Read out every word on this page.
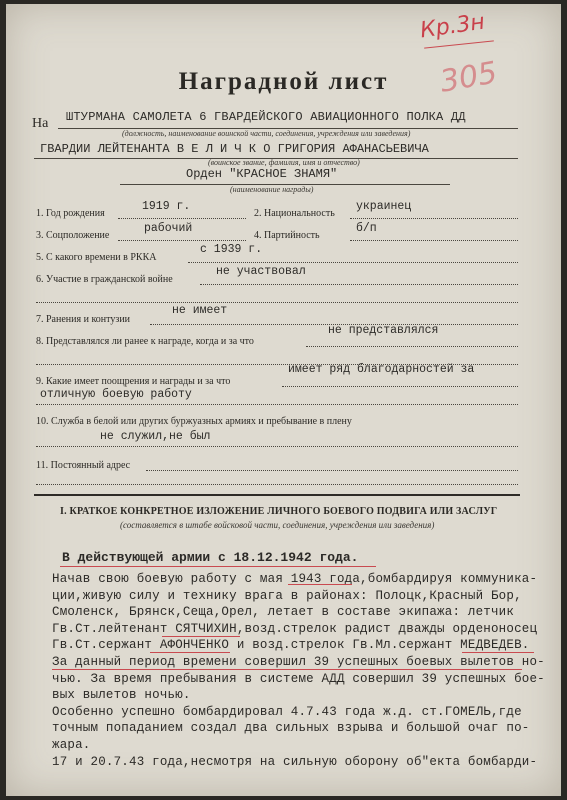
Кр.3н
305
Наградной лист
На ШТУРМАНА САМОЛЕТА 6 ГВАРДЕЙСКОГО АВИАЦИОННОГО ПОЛКА ДД
(должность, наименование воинской части, соединения, учреждения или заведения)
ГВАРДИИ ЛЕЙТЕНАНТА В Е Л И Ч К О ГРИГОРИЯ АФАНАСЬЕВИЧА
(воинское звание, фамилия, имя и отчество)
Орден "КРАСНОЕ ЗНАМЯ"
(наименование награды)
1. Год рождения
1919 г.
2. Национальность
украинец
3. Соцположение
рабочий
4. Партийность
б/п
5. С какого времени в РККА
с 1939 г.
6. Участие в гражданской войне
не участвовал
7. Ранения и контузии
не имеет
8. Представлялся ли ранее к награде, когда и за что
не представлялся
9. Какие имеет поощрения и награды и за что
имеет ряд благодарностей за
отличную боевую работу
10. Служба в белой или других буржуазных армиях и пребывание в плену
не служил,не был
11. Постоянный адрес
I. КРАТКОЕ КОНКРЕТНОЕ ИЗЛОЖЕНИЕ ЛИЧНОГО БОЕВОГО ПОДВИГА ИЛИ ЗАСЛУГ
(составляется в штабе войсковой части, соединения, учреждения или заведения)
В действующей армии с 18.12.1942 года.
Начав свою боевую работу с мая 1943 года,бомбардируя коммуника-
ции,живую силу и технику врага в районах: Полоцк,Красный Бор,
Смоленск, Брянск,Сеща,Орел, летает в составе экипажа: летчик
Гв.Ст.лейтенант СЯТЧИХИН,возд.стрелок радист дважды орденоносец
Гв.Ст.сержант АФОНЧЕНКО и возд.стрелок Гв.Мл.сержант МЕДВЕДЕВ.
За данный период времени совершил 39 успешных боевых вылетов но-
чью. За время пребывания в системе АДД совершил 39 успешных бое-
вых вылетов ночью.
Особенно успешно бомбардировал 4.7.43 года ж.д. ст.ГОМЕЛЬ,где
точным попаданием создал два сильных взрыва и большой очаг по-
жара.
17 и 20.7.43 года,несмотря на сильную оборону об"екта бомбарди-
